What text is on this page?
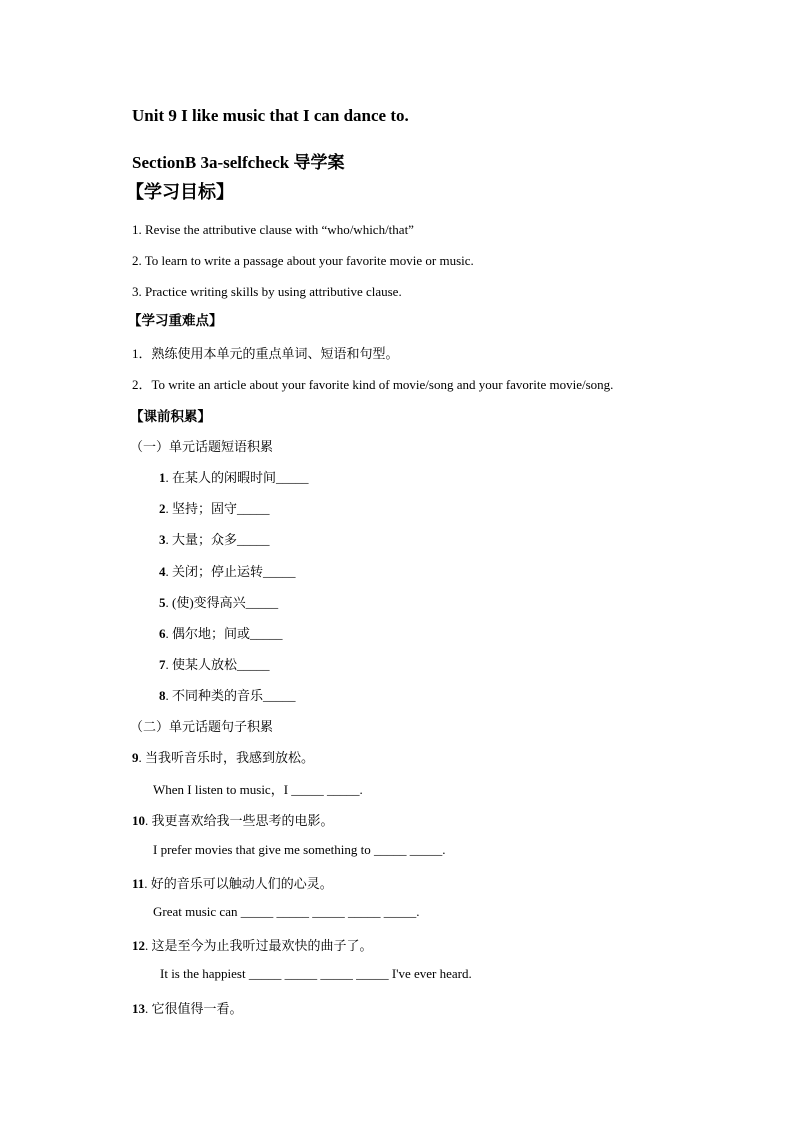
Unit 9 I like music that I can dance to.
SectionB 3a-selfcheck 导学案
【学习目标】
1. Revise the attributive clause with “who/which/that”
2. To learn to write a passage about your favorite movie or music.
3. Practice writing skills by using attributive clause.
【学习重难点】
1．熟练使用本单元的重点单词、短语和句型。
2．To write an article about your favorite kind of movie/song and your favorite movie/song.
【课前积累】
（一）单元话题短语积累
1. 在某人的闲暇时间_____
2. 坚持；固守_____
3. 大量；众多_____
4. 关闭；停止运转_____
5. (使)变得高兴_____
6. 偶尔地；间或_____
7. 使某人放松_____
8. 不同种类的音乐_____
（二）单元话题句子积累
9. 当我听音乐时，我感到放松。
When I listen to music，I _____ _____.
10. 我更喜欢给我一些思考的电影。
I prefer movies that give me something to _____ _____.
11. 好的音乐可以触动人们的心灵。
Great music can _____ _____ _____ _____ _____.
12. 这是至今为止我听过最欢快的曲子了。
It is the happiest _____ _____ _____ _____ I've ever heard.
13. 它很值得一看。
